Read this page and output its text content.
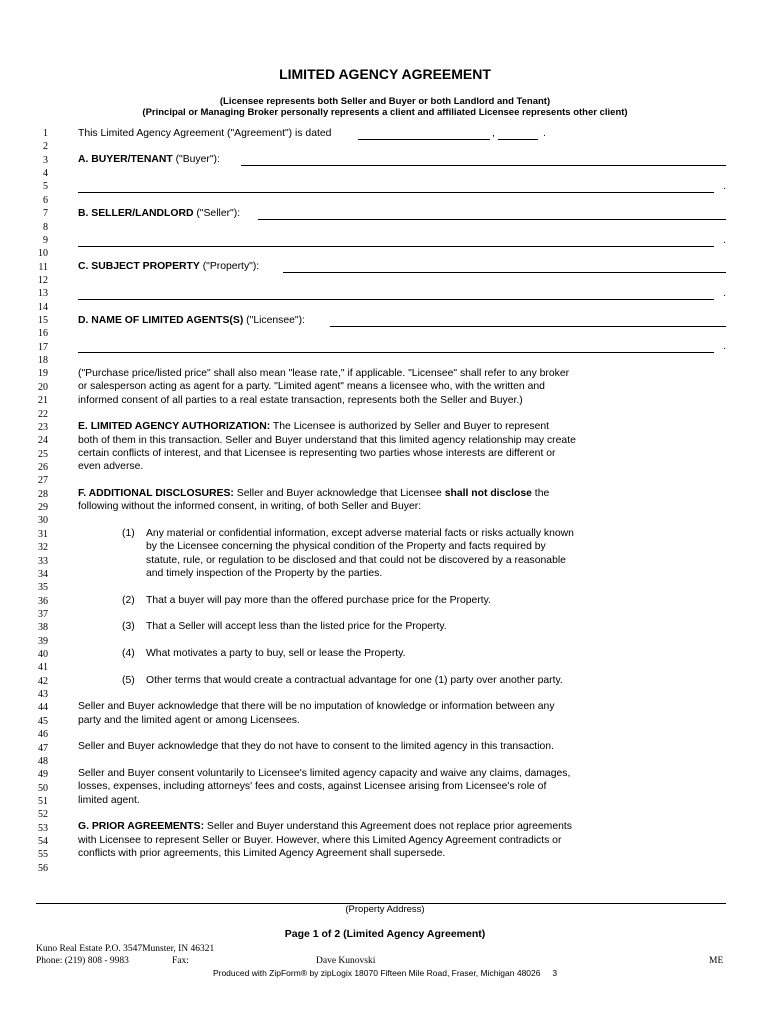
LIMITED AGENCY AGREEMENT
(Licensee represents both Seller and Buyer or both Landlord and Tenant)
(Principal or Managing Broker personally represents a client and affiliated Licensee represents other client)
1
2
3
4
5
6
7
8
9
10
11
12
13
14
15
16
17
18
19
20
21
22
23
24
25
26
27
28
29
30
31
32
33
34
35
36
37
38
39
40
41
42
43
44
45
46
47
48
49
50
51
52
53
54
55
56
This Limited Agency Agreement ("Agreement") is dated	,	.
A. BUYER/TENANT ("Buyer"):
.
B. SELLER/LANDLORD ("Seller"):
.
C. SUBJECT PROPERTY ("Property"):
.
D. NAME OF LIMITED AGENTS(S) ("Licensee"):
.
("Purchase price/listed price" shall also mean "lease rate," if applicable. "Licensee" shall refer to any broker
or salesperson acting as agent for a party. "Limited agent" means a licensee who, with the written and
informed consent of all parties to a real estate transaction, represents both the Seller and Buyer.)
E. LIMITED AGENCY AUTHORIZATION: The Licensee is authorized by Seller and Buyer to represent
both of them in this transaction. Seller and Buyer understand that this limited agency relationship may create
certain conflicts of interest, and that Licensee is representing two parties whose interests are different or
even adverse.
F. ADDITIONAL DISCLOSURES: Seller and Buyer acknowledge that Licensee shall not disclose the
following without the informed consent, in writing, of both Seller and Buyer:
(1) Any material or confidential information, except adverse material facts or risks actually known
by the Licensee concerning the physical condition of the Property and facts required by
statute, rule, or regulation to be disclosed and that could not be discovered by a reasonable
and timely inspection of the Property by the parties.
(2) That a buyer will pay more than the offered purchase price for the Property.
(3) That a Seller will accept less than the listed price for the Property.
(4) What motivates a party to buy, sell or lease the Property.
(5) Other terms that would create a contractual advantage for one (1) party over another party.
Seller and Buyer acknowledge that there will be no imputation of knowledge or information between any
party and the limited agent or among Licensees.
Seller and Buyer acknowledge that they do not have to consent to the limited agency in this transaction.
Seller and Buyer consent voluntarily to Licensee's limited agency capacity and waive any claims, damages,
losses, expenses, including attorneys' fees and costs, against Licensee arising from Licensee's role of
limited agent.
G. PRIOR AGREEMENTS: Seller and Buyer understand this Agreement does not replace prior agreements
with Licensee to represent Seller or Buyer. However, where this Limited Agency Agreement contradicts or
conflicts with prior agreements, this Limited Agency Agreement shall supersede.
(Property Address)
Page 1 of 2 (Limited Agency Agreement)
Kuno Real Estate P.O. 3547Munster, IN 46321
Phone: (219) 808 - 9983	Fax:	Dave Kunovski	ME
Produced with ZipForm® by zipLogix 18070 Fifteen Mile Road, Fraser, Michigan 48026 3
